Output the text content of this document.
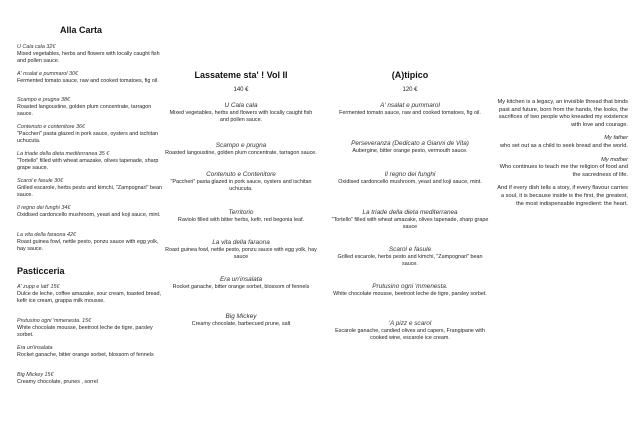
Alla Carta
U Cala cala 32€
Mixed vegetables, herbs and flowers with locally caught fish and pollen sauce.
A' nsalat e pummarol 30€
Fermented tomato sauce, raw and cooked tomatoes, fig oil.
Scampo e prugna 38€
Roasted langoustine, golden plum concentrate, tarragon sauce.
Contenuto e contenitore 36€
"Paccheri" pasta glazed in pork sauce, oysters and ischitan uchucuta.
La triade della dieta mediterranea 35 €
"Tortello" filled with wheat amazake, olives tapenade, sharp grape sauce.
Scarol e fasule 30€
Grilled escarole, herbs pesto and kimchi, "Zampognari" bean sauce.
Il regno dei funghi 34€
Oxidised cardoncello mushroom, yeast and koji sauce, mint.
La vita della faraona 42€
Roast guinea fowl, nettle pesto, ponzu sauce with egg yolk, hay sauce.
Pasticceria
A' zupp e latt' 15€
Dulce de leche, coffee amazake, sour cream, toasted bread, kefir ice cream, grappa milk mousse.
Prutusino ogni 'mmenesta. 15€
White chocolate mousse, beetroot leche de tigre, parsley sorbet.
Era un'insalata
Rocket ganache, bitter orange sorbet, blossom of fennels
Big Mickey 15€
Creamy chocolate, prunes , sorrel
Lassateme sta' ! Vol II
140 €
U Cala cala
Mixed vegetables, herbs and flowers with locally caught fish and pollen sauce.
Scampo e prugna
Roasted langoustine, golden plum concentrate, tarragon sauce.
Contenuto e Contenitore
"Paccheri" pasta glazed in pork sauce, oysters and ischitan uchucuta.
Territorio
Raviolo filled with bitter herbs, kefir, red begonia leaf.
La vita della faraona
Roast guinea fowl, nettle pesto, ponzu sauce with egg yolk, hay sauce
Era un'insalata
Rocket ganache, bitter orange sorbet, blossom of fennels
Big Mickey
Creamy chocolate, barbecued prune, salt
(A)tipico
120 €
A' nsalat e pummarol
Fermented tomato sauce, raw and cooked tomatoes, fig oil.
Perseveranza (Dedicato a Gianni de Vita)
Aubergine, bitter orange pesto, vermouth sauce.
Il regno dei funghi
Oxidised cardoncello mushroom, yeast and koji sauce, mint.
La triade della dieta mediterranea
"Tortello" filled with wheat amazake, olives tapenade, sharp grape sauce
Scarol e fasule
Grilled escarole, herbs pesto and kimchi, "Zampognari" bean sauce.
Prutusino ogni 'mmenesta.
White chocolate mousse, beetroot leche de tigre, parsley sorbet.
'A pizz e scarol
Escarole ganache, candied olives and capers, Frangipane with cooked wine, escarole ice cream.

My kitchen is a legacy, an invisible thread that binds past and future, born from the hands, the looks, the sacrifices of two people who kneaded my existence with love and courage.

My father
who set out as a child to seek bread and the world.

My mother
Who continues to teach me the religion of food and the sacredness of life.

And if every dish tells a story, if every flavour carries a soul, it is because inside is the first, the greatest, the most indispensable ingredient: the heart.
